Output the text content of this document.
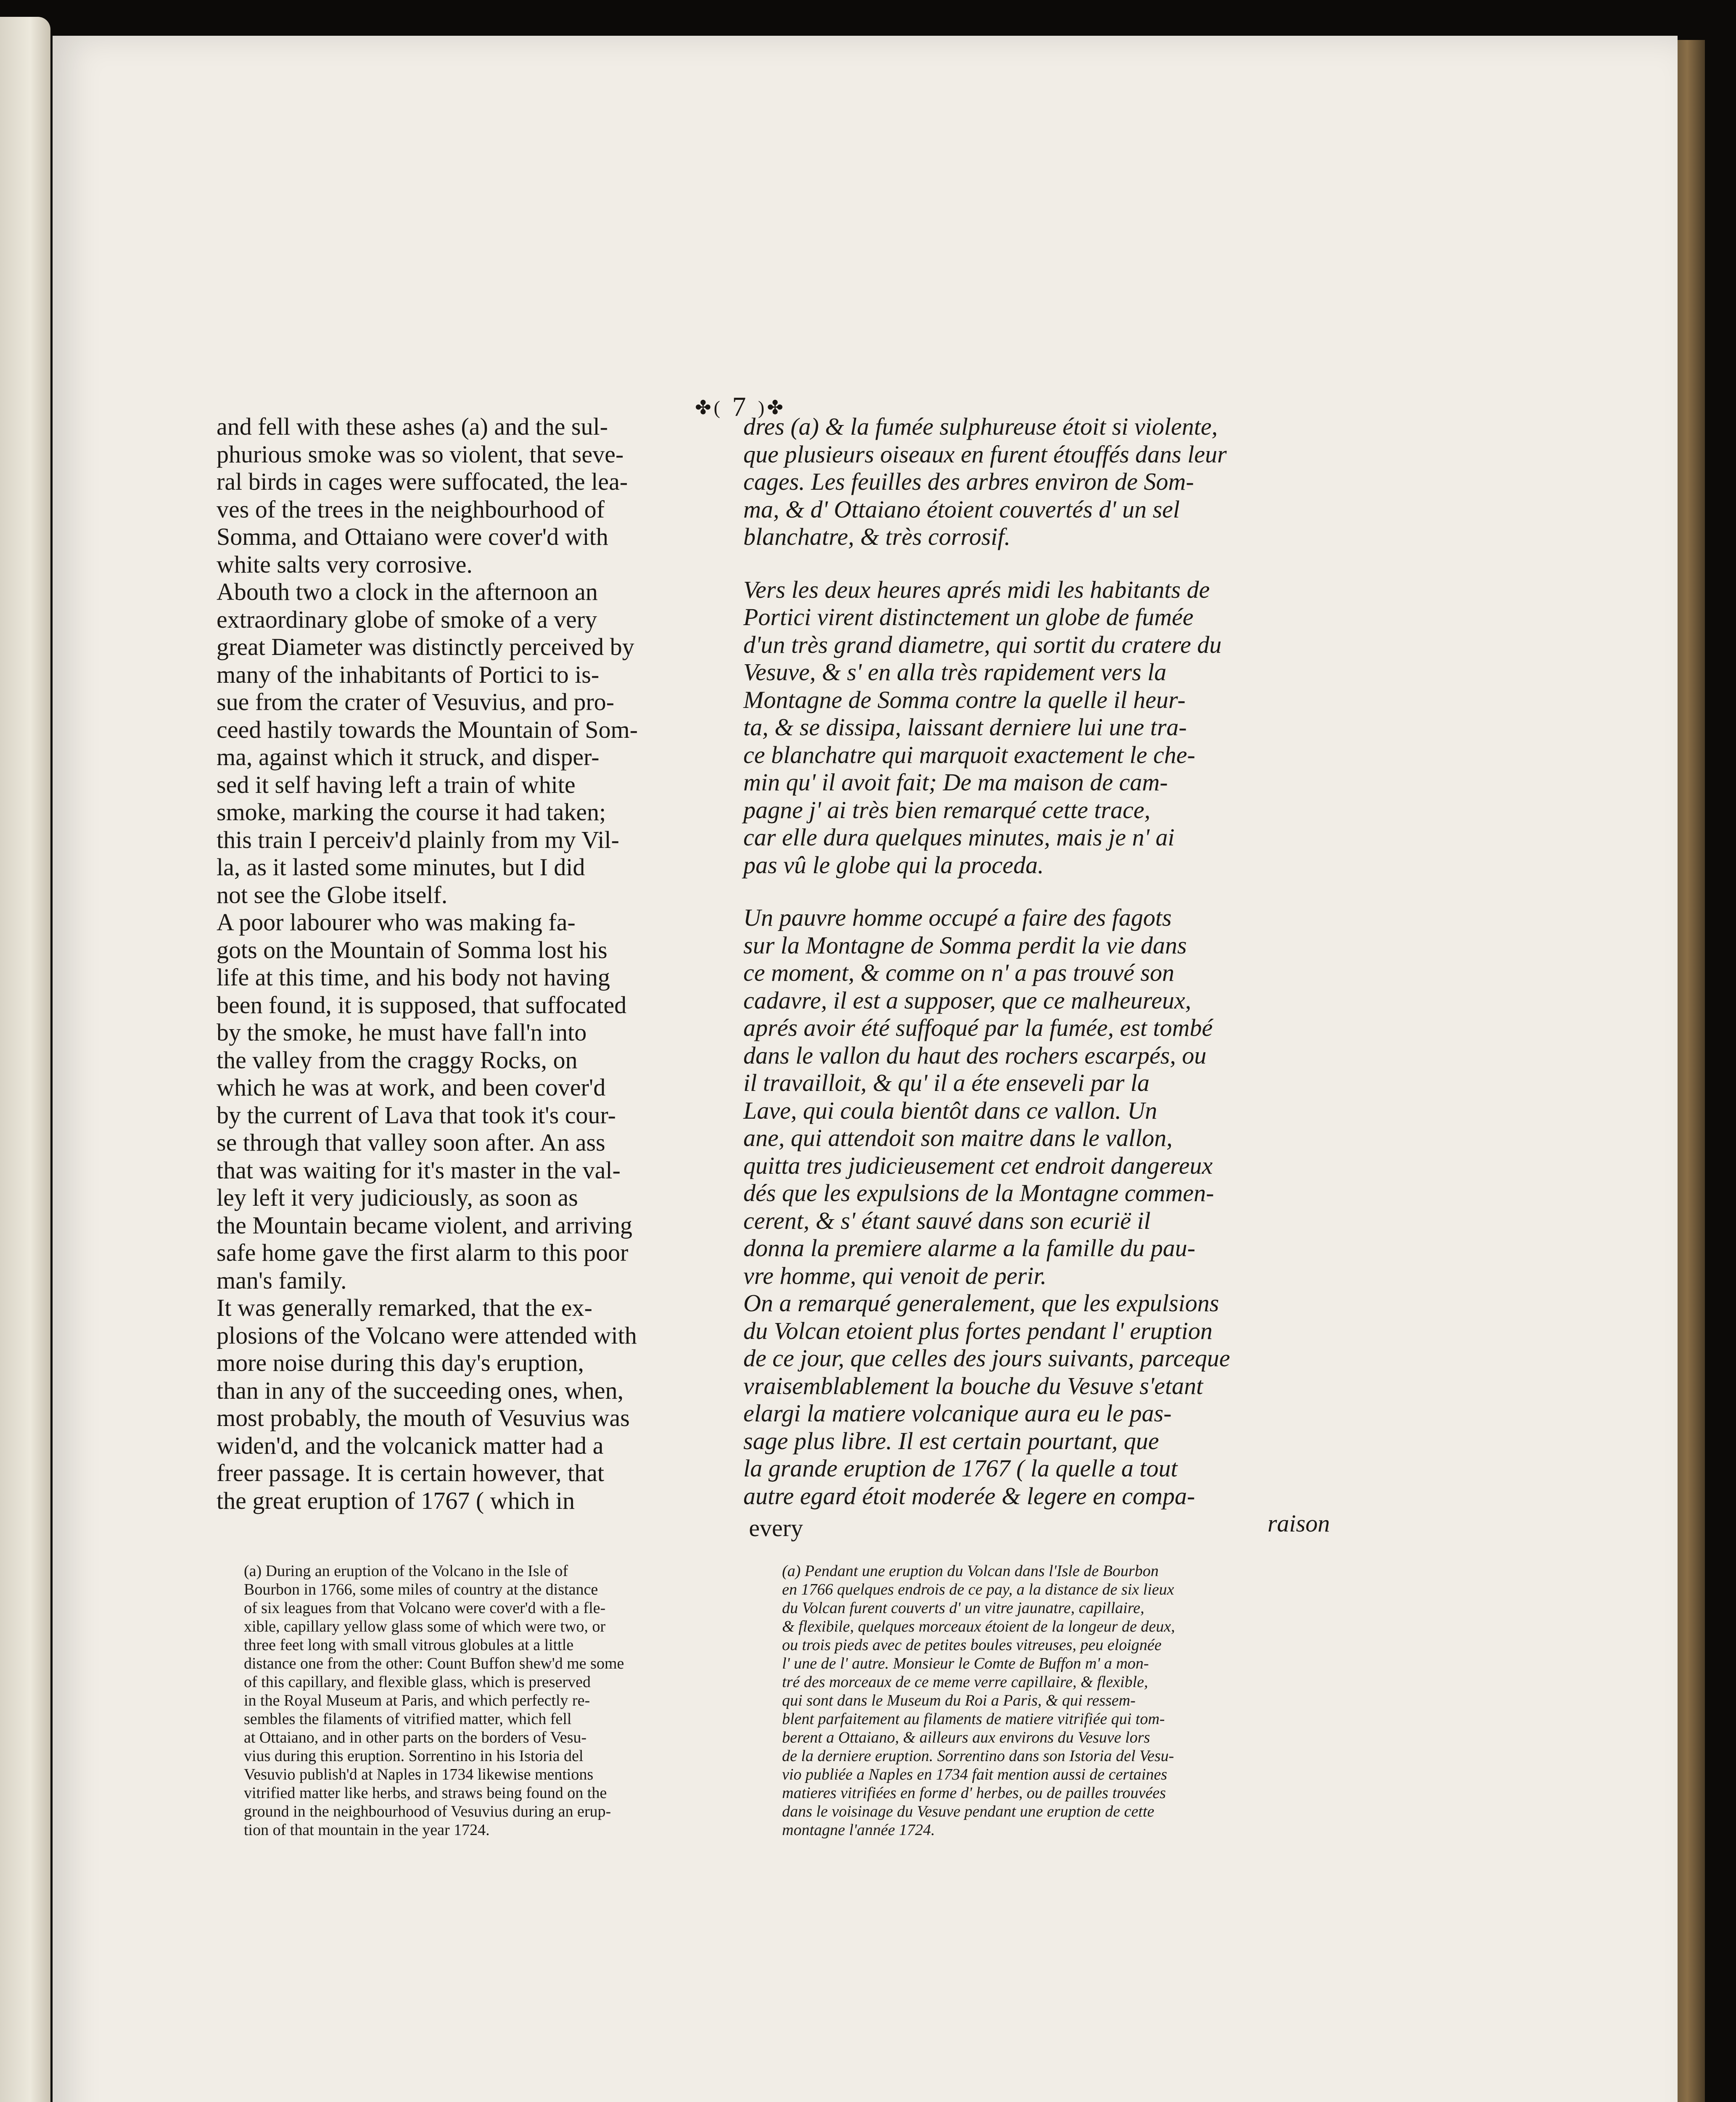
✤( 7 )✤
and fell with these ashes (a) and the sul-
phurious smoke was so violent, that seve-
ral birds in cages were suffocated, the lea-
ves of the trees in the neighbourhood of
Somma, and Ottaiano were cover'd with
white salts very corrosive.
Abouth two a clock in the afternoon an
extraordinary globe of smoke of a very
great Diameter was distinctly perceived by
many of the inhabitants of Portici to is-
sue from the crater of Vesuvius, and pro-
ceed hastily towards the Mountain of Som-
ma, against which it struck, and disper-
sed it self having left a train of white
smoke, marking the course it had taken;
this train I perceiv'd plainly from my Vil-
la, as it lasted some minutes, but I did
not see the Globe itself.
A poor labourer who was making fa-
gots on the Mountain of Somma lost his
life at this time, and his body not having
been found, it is supposed, that suffocated
by the smoke, he must have fall'n into
the valley from the craggy Rocks, on
which he was at work, and been cover'd
by the current of Lava that took it's cour-
se through that valley soon after. An ass
that was waiting for it's master in the val-
ley left it very judiciously, as soon as
the Mountain became violent, and arriving
safe home gave the first alarm to this poor
man's family.
It was generally remarked, that the ex-
plosions of the Volcano were attended with
more noise during this day's eruption,
than in any of the succeeding ones, when,
most probably, the mouth of Vesuvius was
widen'd, and the volcanick matter had a
freer passage. It is certain however, that
the great eruption of 1767 ( which in
every
(a) During an eruption of the Volcano in the Isle of
Bourbon in 1766, some miles of country at the distance
of six leagues from that Volcano were cover'd with a fle-
xible, capillary yellow glass some of which were two, or
three feet long with small vitrous globules at a little
distance one from the other: Count Buffon shew'd me some
of this capillary, and flexible glass, which is preserved
in the Royal Museum at Paris, and which perfectly re-
sembles the filaments of vitrified matter, which fell
at Ottaiano, and in other parts on the borders of Vesu-
vius during this eruption. Sorrentino in his Istoria del
Vesuvio publish'd at Naples in 1734 likewise mentions
vitrified matter like herbs, and straws being found on the
ground in the neighbourhood of Vesuvius during an erup-
tion of that mountain in the year 1724.
dres (a) & la fumée sulphureuse étoit si violente,
que plusieurs oiseaux en furent étouffés dans leur
cages. Les feuilles des arbres environ de Som-
ma, & d' Ottaiano étoient couvertés d' un sel
blanchatre, & très corrosif.
Vers les deux heures aprés midi les habitants de
Portici virent distinctement un globe de fumée
d'un très grand diametre, qui sortit du cratere du
Vesuve, & s' en alla très rapidement vers la
Montagne de Somma contre la quelle il heur-
ta, & se dissipa, laissant derniere lui une tra-
ce blanchatre qui marquoit exactement le che-
min qu' il avoit fait; De ma maison de cam-
pagne j' ai très bien remarqué cette trace,
car elle dura quelques minutes, mais je n' ai
pas vû le globe qui la proceda.
Un pauvre homme occupé a faire des fagots
sur la Montagne de Somma perdit la vie dans
ce moment, & comme on n' a pas trouvé son
cadavre, il est a supposer, que ce malheureux,
aprés avoir été suffoqué par la fumée, est tombé
dans le vallon du haut des rochers escarpés, ou
il travailloit, & qu' il a éte enseveli par la
Lave, qui coula bientôt dans ce vallon. Un
ane, qui attendoit son maitre dans le vallon,
quitta tres judicieusement cet endroit dangereux
dés que les expulsions de la Montagne commen-
cerent, & s' étant sauvé dans son ecurië il
donna la premiere alarme a la famille du pau-
vre homme, qui venoit de perir.
On a remarqué generalement, que les expulsions
du Volcan etoient plus fortes pendant l' eruption
de ce jour, que celles des jours suivants, parceque
vraisemblablement la bouche du Vesuve s'etant
elargi la matiere volcanique aura eu le pas-
sage plus libre. Il est certain pourtant, que
la grande eruption de 1767 ( la quelle a tout
autre egard étoit moderée & legere en compa-
raison
(a) Pendant une eruption du Volcan dans l'Isle de Bourbon
en 1766 quelques endrois de ce pay, a la distance de six lieux
du Volcan furent couverts d' un vitre jaunatre, capillaire,
& flexibile, quelques morceaux étoient de la longeur de deux,
ou trois pieds avec de petites boules vitreuses, peu eloignée
l' une de l' autre. Monsieur le Comte de Buffon m' a mon-
tré des morceaux de ce meme verre capillaire, & flexible,
qui sont dans le Museum du Roi a Paris, & qui ressem-
blent parfaitement au filaments de matiere vitrifiée qui tom-
berent a Ottaiano, & ailleurs aux environs du Vesuve lors
de la derniere eruption. Sorrentino dans son Istoria del Vesu-
vio publiée a Naples en 1734 fait mention aussi de certaines
matieres vitrifiées en forme d' herbes, ou de pailles trouvées
dans le voisinage du Vesuve pendant une eruption de cette
montagne l'année 1724.
